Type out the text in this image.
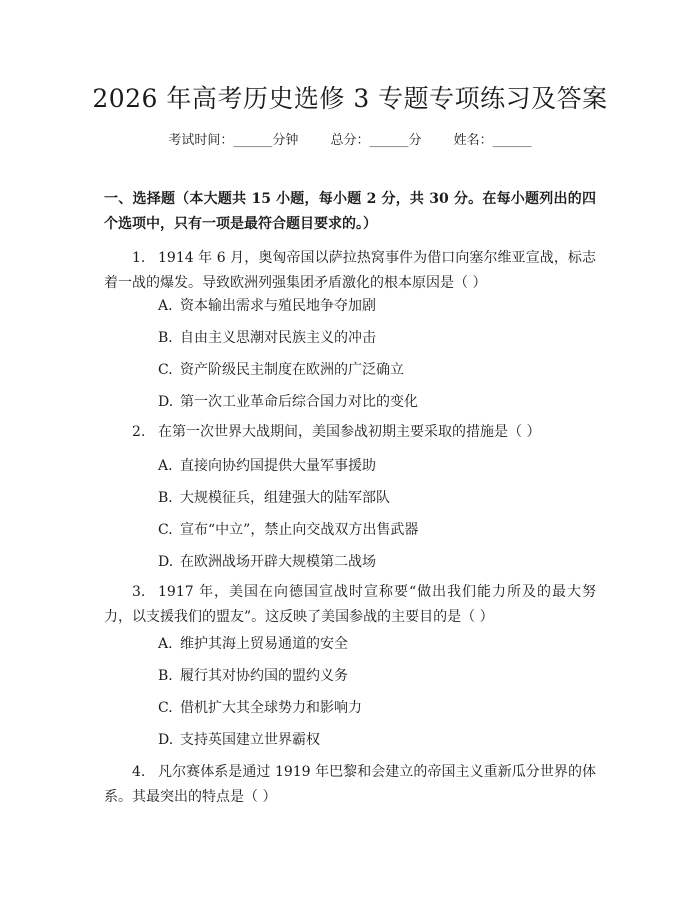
2026 年高考历史选修 3 专题专项练习及答案
考试时间：______分钟 总分：______分 姓名：______
一、选择题（本大题共 15 小题，每小题 2 分，共 30 分。在每小题列出的四个选项中，只有一项是最符合题目要求的。）
1. 1914 年 6 月，奥匈帝国以萨拉热窝事件为借口向塞尔维亚宣战，标志着一战的爆发。导致欧洲列强集团矛盾激化的根本原因是（ ）
A. 资本输出需求与殖民地争夺加剧
B. 自由主义思潮对民族主义的冲击
C. 资产阶级民主制度在欧洲的广泛确立
D. 第一次工业革命后综合国力对比的变化
2. 在第一次世界大战期间，美国参战初期主要采取的措施是（ ）
A. 直接向协约国提供大量军事援助
B. 大规模征兵，组建强大的陆军部队
C. 宣布“中立”，禁止向交战双方出售武器
D. 在欧洲战场开辟大规模第二战场
3. 1917 年，美国在向德国宣战时宣称要“做出我们能力所及的最大努力，以支援我们的盟友”。这反映了美国参战的主要目的是（ ）
A. 维护其海上贸易通道的安全
B. 履行其对协约国的盟约义务
C. 借机扩大其全球势力和影响力
D. 支持英国建立世界霸权
4. 凡尔赛体系是通过 1919 年巴黎和会建立的帝国主义重新瓜分世界的体系。其最突出的特点是（ ）
